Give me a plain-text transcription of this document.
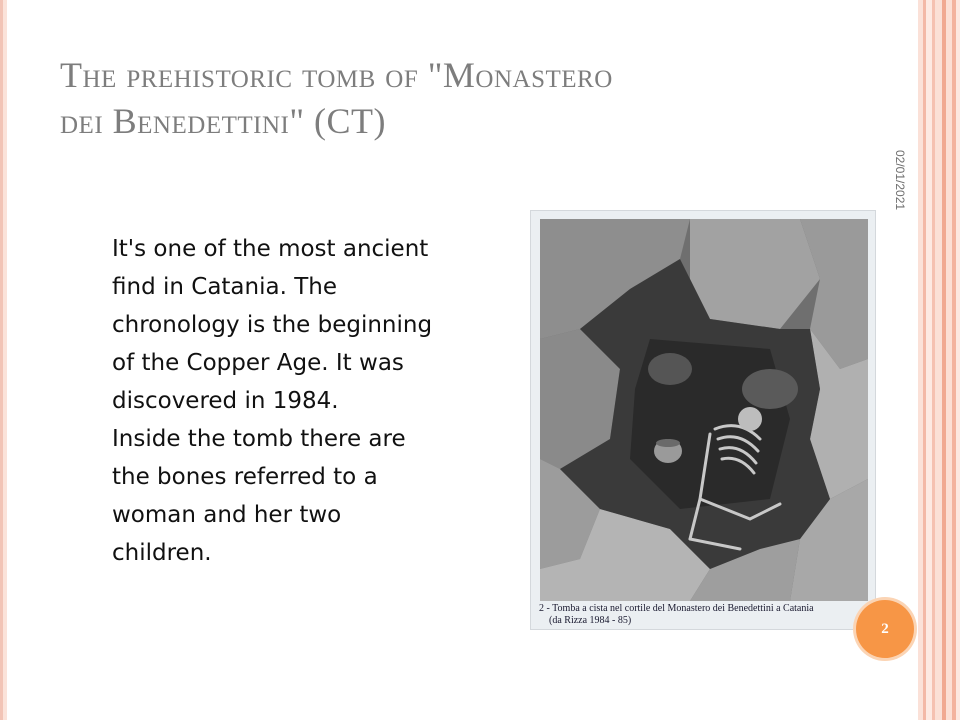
The prehistoric tomb of "Monastero
dei Benedettini" (CT)
02/01/2021

It's one of the most ancient
find in Catania. The
chronology is the beginning
of the Copper Age. It was
discovered in 1984.
Inside the tomb there are
the bones referred to a
woman and her two
children.

2 - Tomba a cista nel cortile del Monastero dei Benedettini a Catania
(da Rizza 1984 - 85)	2
